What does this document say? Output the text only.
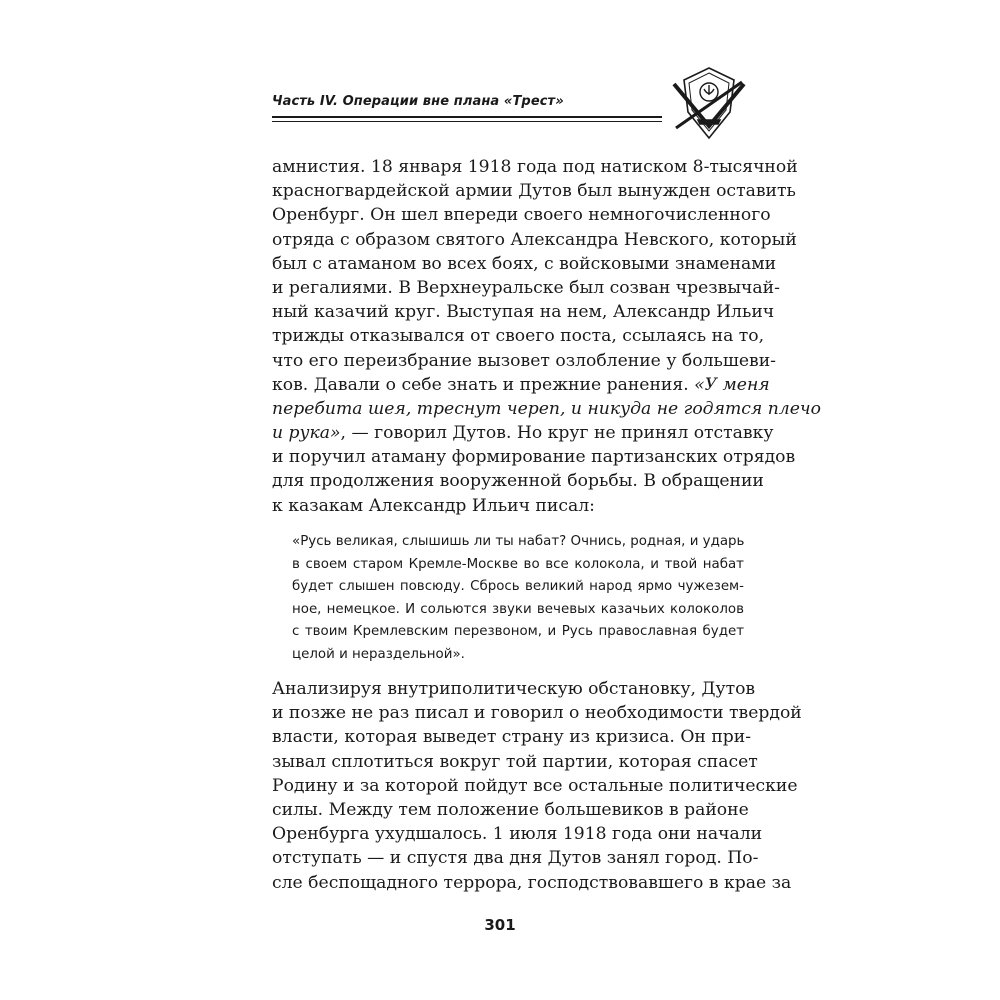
Часть IV. Операции вне плана «Трест»
амнистия. 18 января 1918 года под натиском 8-тысячной
красногвардейской армии Дутов был вынужден оставить
Оренбург. Он шел впереди своего немногочисленного
отряда с образом святого Александра Невского, который
был с атаманом во всех боях, с войсковыми знаменами
и регалиями. В Верхнеуральске был созван чрезвычай-
ный казачий круг. Выступая на нем, Александр Ильич
трижды отказывался от своего поста, ссылаясь на то,
что его переизбрание вызовет озлобление у большеви-
ков. Давали о себе знать и прежние ранения. «У меня
перебита шея, треснут череп, и никуда не годятся плечо
и рука», — говорил Дутов. Но круг не принял отставку
и поручил атаману формирование партизанских отрядов
для продолжения вооруженной борьбы. В обращении
к казакам Александр Ильич писал:
«Русь великая, слышишь ли ты набат? Очнись, родная, и ударь
в своем старом Кремле-Москве во все колокола, и твой набат
будет слышен повсюду. Сбрось великий народ ярмо чужезем-
ное, немецкое. И сольются звуки вечевых казачьих колоколов
с твоим Кремлевским перезвоном, и Русь православная будет
целой и нераздельной».
Анализируя внутриполитическую обстановку, Дутов
и позже не раз писал и говорил о необходимости твердой
власти, которая выведет страну из кризиса. Он при-
зывал сплотиться вокруг той партии, которая спасет
Родину и за которой пойдут все остальные политические
силы. Между тем положение большевиков в районе
Оренбурга ухудшалось. 1 июля 1918 года они начали
отступать — и спустя два дня Дутов занял город. По-
сле беспощадного террора, господствовавшего в крае за
301
